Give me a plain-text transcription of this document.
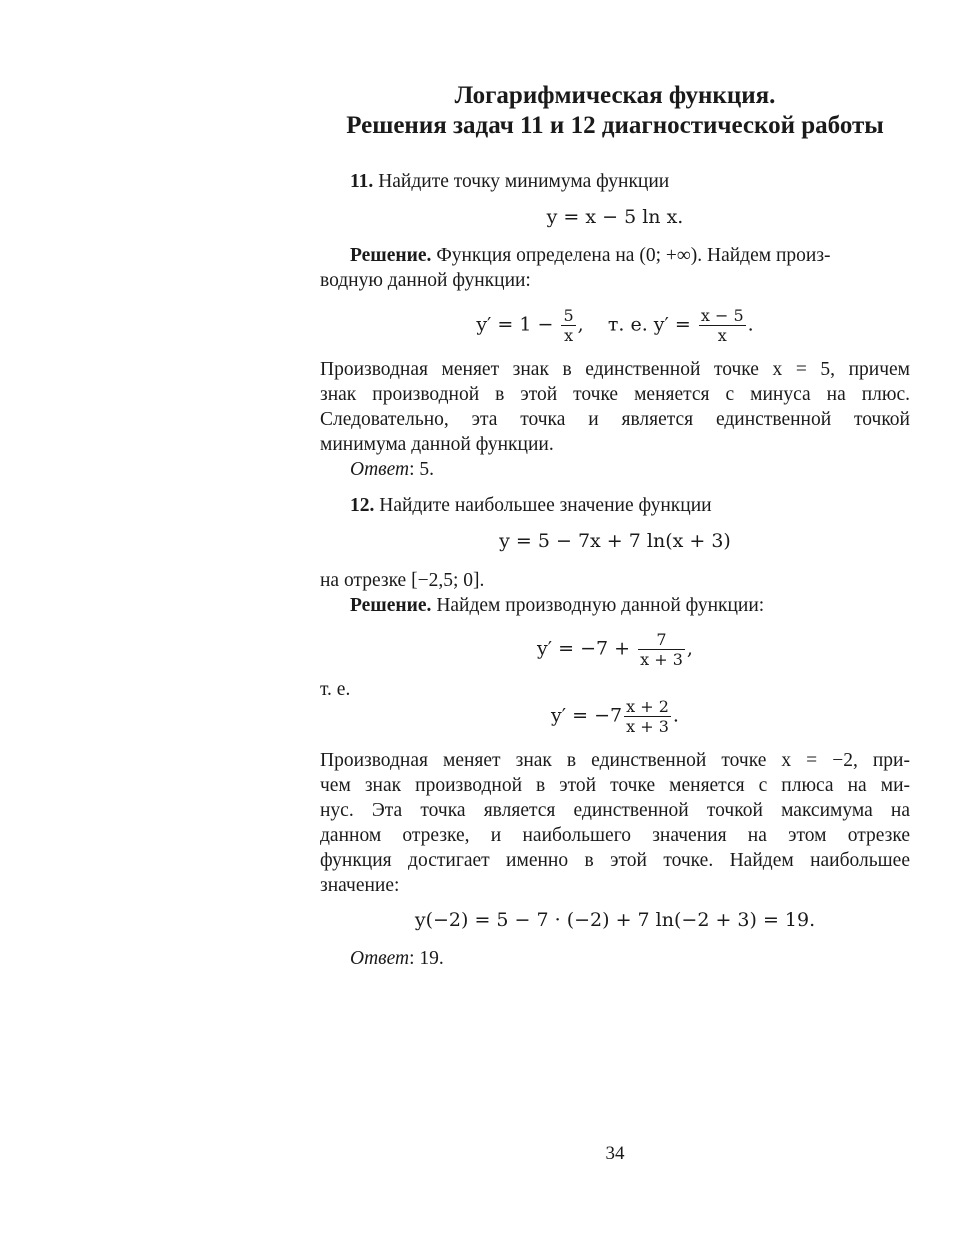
Логарифмическая функция.
Решения задач 11 и 12 диагностической работы
11. Найдите точку минимума функции
y = x − 5 ln x.
Решение. Функция определена на (0; +∞). Найдем произ-
водную данной функции:
$y' = 1 - \frac{5}{x}$ ,    т. е. $y' = \frac{x - 5}{x}$ .
Производная меняет знак в единственной точке x = 5, причем
знак производной в этой точке меняется с минуса на плюс.
Следовательно, эта точка и является единственной точкой
минимума данной функции.
Ответ: 5.
12. Найдите наибольшее значение функции
y = 5 − 7x + 7 ln(x + 3)
на отрезке [−2,5; 0].
Решение. Найдем производную данной функции:
$y' = -7 + \frac{7}{x + 3}$ ,
т. е.
$y' = -7 \frac{x + 2}{x + 3}$ .
Производная меняет знак в единственной точке x = −2, при-
чем знак производной в этой точке меняется с плюса на ми-
нус. Эта точка является единственной точкой максимума на
данном отрезке, и наибольшего значения на этом отрезке
функция достигает именно в этой точке. Найдем наибольшее
значение:
y(−2) = 5 − 7 · (−2) + 7 ln(−2 + 3) = 19.
Ответ: 19.
34
